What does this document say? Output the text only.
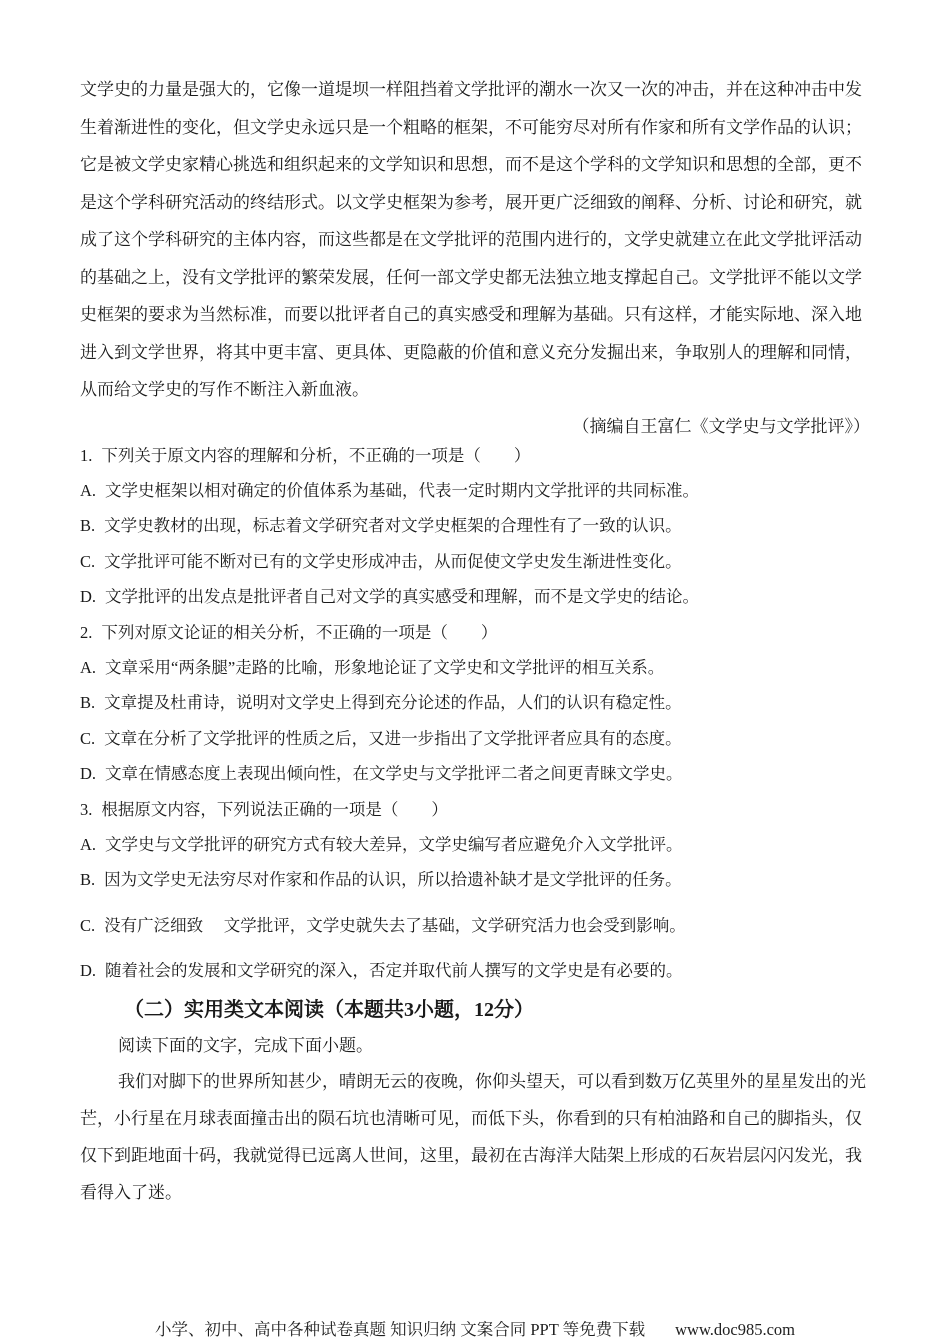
文学史的力量是强大的，它像一道堤坝一样阻挡着文学批评的潮水一次又一次的冲击，并在这种冲击中发
生着渐进性的变化，但文学史永远只是一个粗略的框架，不可能穷尽对所有作家和所有文学作品的认识；
它是被文学史家精心挑选和组织起来的文学知识和思想，而不是这个学科的文学知识和思想的全部，更不
是这个学科研究活动的终结形式。以文学史框架为参考，展开更广泛细致的阐释、分析、讨论和研究，就
成了这个学科研究的主体内容，而这些都是在文学批评的范围内进行的，文学史就建立在此文学批评活动
的基础之上，没有文学批评的繁荣发展，任何一部文学史都无法独立地支撑起自己。文学批评不能以文学
史框架的要求为当然标准，而要以批评者自己的真实感受和理解为基础。只有这样，才能实际地、深入地
进入到文学世界，将其中更丰富、更具体、更隐蔽的价值和意义充分发掘出来，争取别人的理解和同情，
从而给文学史的写作不断注入新血液。
（摘编自王富仁《文学史与文学批评》）
1. 下列关于原文内容的理解和分析，不正确的一项是（　　）
A. 文学史框架以相对确定的价值体系为基础，代表一定时期内文学批评的共同标准。
B. 文学史教材的出现，标志着文学研究者对文学史框架的合理性有了一致的认识。
C. 文学批评可能不断对已有的文学史形成冲击，从而促使文学史发生渐进性变化。
D. 文学批评的出发点是批评者自己对文学的真实感受和理解，而不是文学史的结论。
2. 下列对原文论证的相关分析，不正确的一项是（　　）
A. 文章采用“两条腿”走路的比喻，形象地论证了文学史和文学批评的相互关系。
B. 文章提及杜甫诗，说明对文学史上得到充分论述的作品，人们的认识有稳定性。
C. 文章在分析了文学批评的性质之后，又进一步指出了文学批评者应具有的态度。
D. 文章在情感态度上表现出倾向性，在文学史与文学批评二者之间更青睐文学史。
3. 根据原文内容，下列说法正确的一项是（　　）
A. 文学史与文学批评的研究方式有较大差异，文学史编写者应避免介入文学批评。
B. 因为文学史无法穷尽对作家和作品的认识，所以拾遗补缺才是文学批评的任务。
C. 没有广泛细致　 文学批评，文学史就失去了基础，文学研究活力也会受到影响。
D. 随着社会的发展和文学研究的深入，否定并取代前人撰写的文学史是有必要的。
（二）实用类文本阅读（本题共3小题，12分）
阅读下面的文字，完成下面小题。
我们对脚下的世界所知甚少，晴朗无云的夜晚，你仰头望天，可以看到数万亿英里外的星星发出的光
芒，小行星在月球表面撞击出的陨石坑也清晰可见，而低下头，你看到的只有柏油路和自己的脚指头，仅
仅下到距地面十码，我就觉得已远离人世间，这里，最初在古海洋大陆架上形成的石灰岩层闪闪发光，我
看得入了迷。
小学、初中、高中各种试卷真题 知识归纳 文案合同 PPT 等免费下载 www.doc985.com
